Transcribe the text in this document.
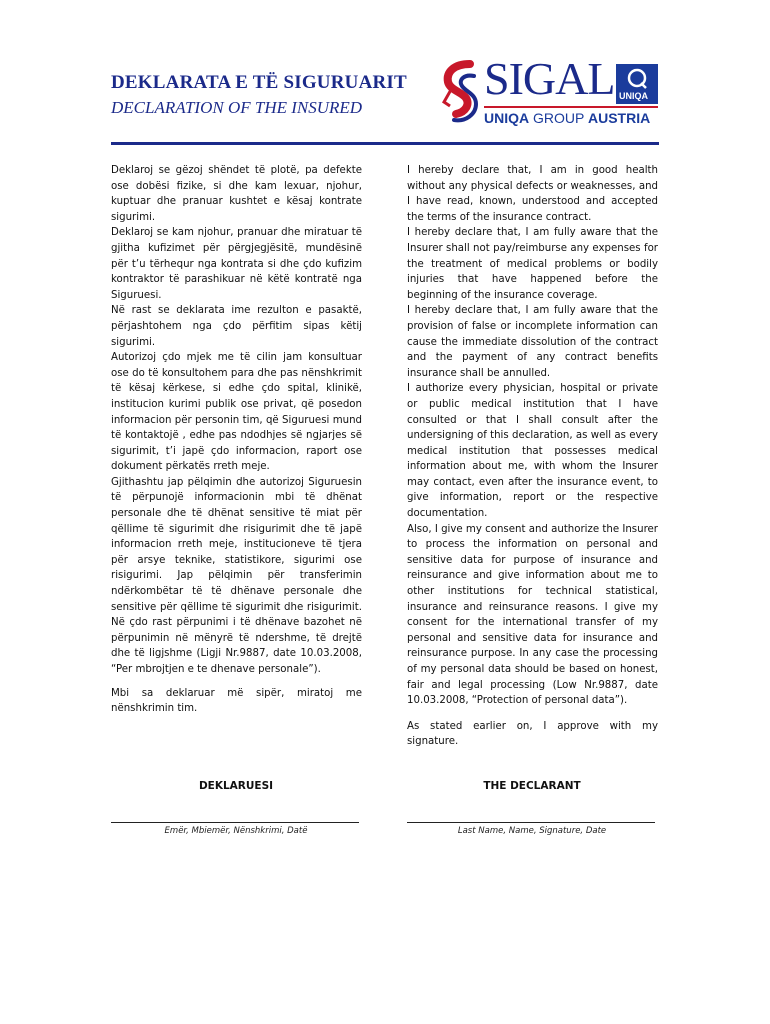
DEKLARATA E TË SIGURUARIT
DECLARATION OF THE INSURED
SIGAL UNIQA
UNIQA GROUP AUSTRIA

Deklaroj se gëzoj shëndet të plotë, pa defekte ose dobësi fizike, si dhe kam lexuar, njohur, kuptuar dhe pranuar kushtet e kësaj kontrate sigurimi.

Deklaroj se kam njohur, pranuar dhe miratuar të gjitha kufizimet për përgjegjësitë, mundësinë për t’u tërhequr nga kontrata si dhe çdo kufizim kontraktor të parashikuar në këtë kontratë nga Siguruesi.

Në rast se deklarata ime rezulton e pasaktë, përjashtohem nga çdo përfitim sipas këtij sigurimi.

Autorizoj çdo mjek me të cilin jam konsultuar ose do të konsultohem para dhe pas nënshkrimit të kësaj kërkese, si edhe çdo spital, klinikë, institucion kurimi publik ose privat, që posedon informacion për personin tim, që Siguruesi mund të kontaktojë , edhe pas ndodhjes së ngjarjes së sigurimit, t’i japë çdo informacion, raport ose dokument përkatës rreth meje.

Gjithashtu jap pëlqimin dhe autorizoj Siguruesin të përpunojë informacionin mbi të dhënat personale dhe të dhënat sensitive të miat për qëllime të sigurimit dhe risigurimit dhe të japë informacion rreth meje, institucioneve të tjera për arsye teknike, statistikore, sigurimi ose risigurimi. Jap pëlqimin për transferimin ndërkombëtar të të dhënave personale dhe sensitive për qëllime të sigurimit dhe risigurimit. Në çdo rast përpunimi i të dhënave bazohet në përpunimin në mënyrë të ndershme, të drejtë dhe të ligjshme (Ligji Nr.9887, date 10.03.2008, “Per mbrojtjen e te dhenave personale”).

Mbi sa deklaruar më sipër, miratoj me nënshkrimin tim.

I hereby declare that, I am in good health without any physical defects or weaknesses, and I have read, known, understood and accepted the terms of the insurance contract.

I hereby declare that, I am fully aware that the Insurer shall not pay/reimburse any expenses for the treatment of medical problems or bodily injuries that have happened before the beginning of the insurance coverage.

I hereby declare that, I am fully aware that the provision of false or incomplete information can cause the immediate dissolution of the contract and the payment of any contract benefits insurance shall be annulled.

I authorize every physician, hospital or private or public medical institution that I have consulted or that I shall consult after the undersigning of this declaration, as well as every medical institution that possesses medical information about me, with whom the Insurer may contact, even after the insurance event, to give information, report or the respective documentation.

Also, I give my consent and authorize the Insurer to process the information on personal and sensitive data for purpose of insurance and reinsurance and give information about me to other institutions for technical statistical, insurance and reinsurance reasons. I give my consent for the international transfer of my personal and sensitive data for insurance and reinsurance purpose. In any case the processing of my personal data should be based on honest, fair and legal processing (Low Nr.9887, date 10.03.2008, “Protection of personal data”).

As stated earlier on, I approve with my signature.

DEKLARUESI
Emër, Mbiemër, Nënshkrimi, Datë
THE DECLARANT
Last Name, Name, Signature, Date
